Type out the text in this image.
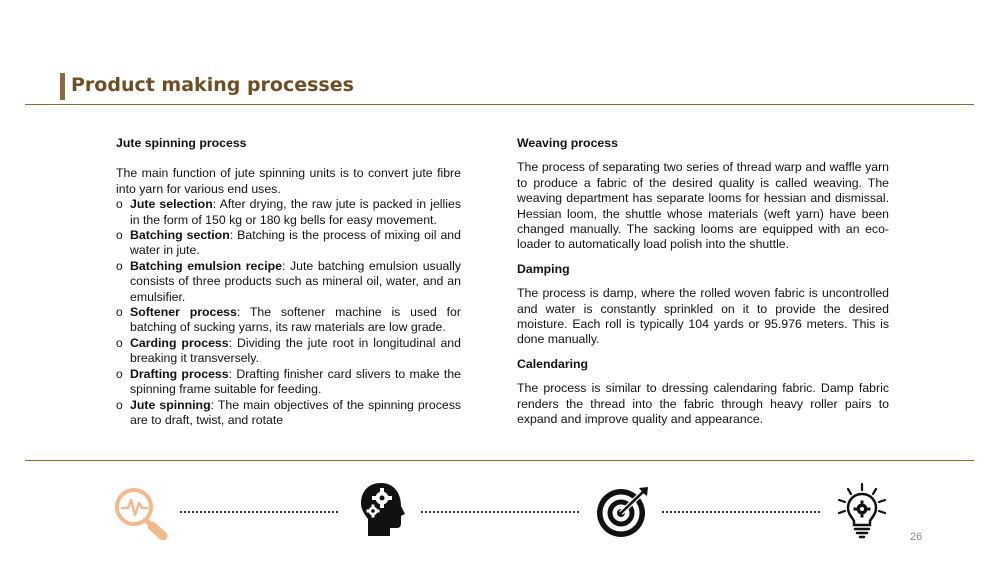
Product making processes
Jute spinning process

The main function of jute spinning units is to convert jute fibre into yarn for various end uses.

o Jute selection: After drying, the raw jute is packed in jellies in the form of 150 kg or 180 kg bells for easy movement.
o Batching section: Batching is the process of mixing oil and water in jute.
o Batching emulsion recipe: Jute batching emulsion usually consists of three products such as mineral oil, water, and an emulsifier.
o Softener process: The softener machine is used for batching of sucking yarns, its raw materials are low grade.
o Carding process: Dividing the jute root in longitudinal and breaking it transversely.
o Drafting process: Drafting finisher card slivers to make the spinning frame suitable for feeding.
o Jute spinning: The main objectives of the spinning process are to draft, twist, and rotate
Weaving process

The process of separating two series of thread warp and waffle yarn to produce a fabric of the desired quality is called weaving. The weaving department has separate looms for hessian and dismissal. Hessian loom, the shuttle whose materials (weft yarn) have been changed manually. The sacking looms are equipped with an eco-loader to automatically load polish into the shuttle.

Damping

The process is damp, where the rolled woven fabric is uncontrolled and water is constantly sprinkled on it to provide the desired moisture. Each roll is typically 104 yards or 95.976 meters. This is done manually.

Calendaring

The process is similar to dressing calendaring fabric. Damp fabric renders the thread into the fabric through heavy roller pairs to expand and improve quality and appearance.

26
